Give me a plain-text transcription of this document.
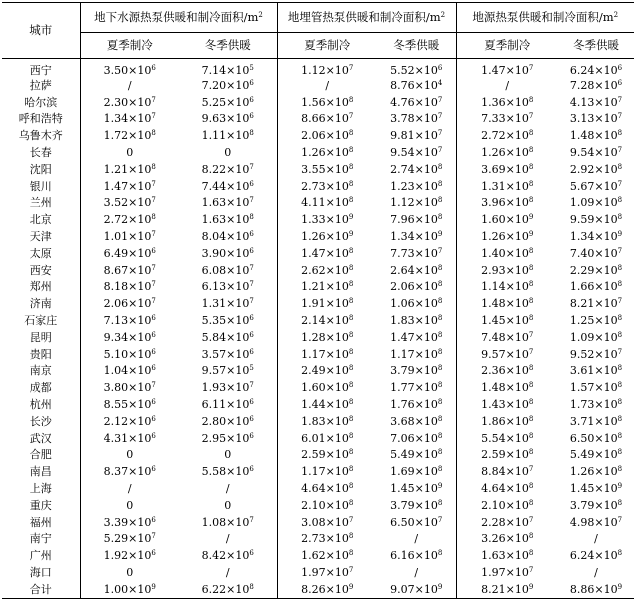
城市	地下水源热泵供暖和制冷面积$/m^2$		地埋管热泵供暖和制冷面积$/m^2$		地源热泵供暖和制冷面积$/m^2$
	夏季制冷	冬季供暖	夏季制冷	冬季供暖	夏季制冷	冬季供暖
西宁	$3.50\times 10^6$	$7.14\times 10^5$	$1.12\times 10^7$	$5.52\times 10^6$	$1.47\times 10^7$	$6.24\times 10^6$
拉萨	/	$7.20\times 10^6$	/	$8.76\times 10^4$	/	$7.28\times 10^6$
哈尔滨	$2.30\times 10^7$	$5.25\times 10^6$	$1.56\times 10^8$	$4.76\times 10^7$	$1.36\times 10^8$	$4.13\times 10^7$
呼和浩特	$1.34\times 10^7$	$9.63\times 10^6$	$8.66\times 10^7$	$3.78\times 10^7$	$7.33\times 10^7$	$3.13\times 10^7$
乌鲁木齐	$1.72\times 10^8$	$1.11\times 10^8$	$2.06\times 10^8$	$9.81\times 10^7$	$2.72\times 10^8$	$1.48\times 10^8$
长春	0	0	$1.26\times 10^8$	$9.54\times 10^7$	$1.26\times 10^8$	$9.54\times 10^7$
沈阳	$1.21\times 10^8$	$8.22\times 10^7$	$3.55\times 10^8$	$2.74\times 10^8$	$3.69\times 10^8$	$2.92\times 10^8$
银川	$1.47\times 10^7$	$7.44\times 10^6$	$2.73\times 10^8$	$1.23\times 10^8$	$1.31\times 10^8$	$5.67\times 10^7$
兰州	$3.52\times 10^7$	$1.63\times 10^7$	$4.11\times 10^8$	$1.12\times 10^8$	$3.96\times 10^8$	$1.09\times 10^8$
北京	$2.72\times 10^8$	$1.63\times 10^8$	$1.33\times 10^9$	$7.96\times 10^8$	$1.60\times 10^9$	$9.59\times 10^8$
天津	$1.01\times 10^7$	$8.04\times 10^6$	$1.26\times 10^9$	$1.34\times 10^9$	$1.26\times 10^9$	$1.34\times 10^9$
太原	$6.49\times 10^6$	$3.90\times 10^6$	$1.47\times 10^8$	$7.73\times 10^7$	$1.40\times 10^8$	$7.40\times 10^7$
西安	$8.67\times 10^7$	$6.08\times 10^7$	$2.62\times 10^8$	$2.64\times 10^8$	$2.93\times 10^8$	$2.29\times 10^8$
郑州	$8.18\times 10^7$	$6.13\times 10^7$	$1.21\times 10^8$	$2.06\times 10^8$	$1.14\times 10^8$	$1.66\times 10^8$
济南	$2.06\times 10^7$	$1.31\times 10^7$	$1.91\times 10^8$	$1.06\times 10^8$	$1.48\times 10^8$	$8.21\times 10^7$
石家庄	$7.13\times 10^6$	$5.35\times 10^6$	$2.14\times 10^8$	$1.83\times 10^8$	$1.45\times 10^8$	$1.25\times 10^8$
昆明	$9.34\times 10^6$	$5.84\times 10^6$	$1.28\times 10^8$	$1.47\times 10^8$	$7.48\times 10^7$	$1.09\times 10^8$
贵阳	$5.10\times 10^6$	$3.57\times 10^6$	$1.17\times 10^8$	$1.17\times 10^8$	$9.57\times 10^7$	$9.52\times 10^7$
南京	$1.04\times 10^6$	$9.57\times 10^5$	$2.49\times 10^8$	$3.79\times 10^8$	$2.36\times 10^8$	$3.61\times 10^8$
成都	$3.80\times 10^7$	$1.93\times 10^7$	$1.60\times 10^8$	$1.77\times 10^8$	$1.48\times 10^8$	$1.57\times 10^8$
杭州	$8.55\times 10^6$	$6.11\times 10^6$	$1.44\times 10^8$	$1.76\times 10^8$	$1.43\times 10^8$	$1.73\times 10^8$
长沙	$2.12\times 10^6$	$2.80\times 10^6$	$1.83\times 10^8$	$3.68\times 10^8$	$1.86\times 10^8$	$3.71\times 10^8$
武汉	$4.31\times 10^6$	$2.95\times 10^6$	$6.01\times 10^8$	$7.06\times 10^8$	$5.54\times 10^8$	$6.50\times 10^8$
合肥	0	0	$2.59\times 10^8$	$5.49\times 10^8$	$2.59\times 10^8$	$5.49\times 10^8$
南昌	$8.37\times 10^6$	$5.58\times 10^6$	$1.17\times 10^8$	$1.69\times 10^8$	$8.84\times 10^7$	$1.26\times 10^8$
上海	/	/	$4.64\times 10^8$	$1.45\times 10^9$	$4.64\times 10^8$	$1.45\times 10^9$
重庆	0	0	$2.10\times 10^8$	$3.79\times 10^8$	$2.10\times 10^8$	$3.79\times 10^8$
福州	$3.39\times 10^6$	$1.08\times 10^7$	$3.08\times 10^7$	$6.50\times 10^7$	$2.28\times 10^7$	$4.98\times 10^7$
南宁	$5.29\times 10^7$	/	$2.73\times 10^8$	/	$3.26\times 10^8$	/
广州	$1.92\times 10^6$	$8.42\times 10^6$	$1.62\times 10^8$	$6.16\times 10^8$	$1.63\times 10^8$	$6.24\times 10^8$
海口	0	/	$1.97\times 10^7$	/	$1.97\times 10^7$	/
合计	$1.00\times 10^9$	$6.22\times 10^8$	$8.26\times 10^9$	$9.07\times 10^9$	$8.21\times 10^9$	$8.86\times 10^9$
